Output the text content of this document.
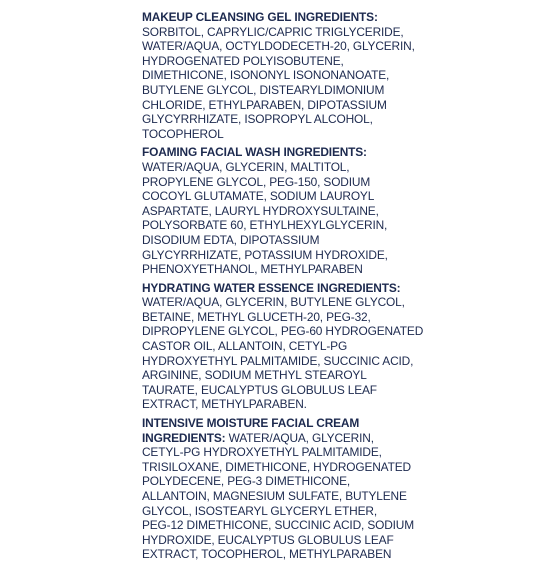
MAKEUP CLEANSING GEL INGREDIENTS:
SORBITOL, CAPRYLIC/CAPRIC TRIGLYCERIDE,
WATER/AQUA, OCTYLDODECETH-20, GLYCERIN,
HYDROGENATED POLYISOBUTENE,
DIMETHICONE, ISONONYL ISONONANOATE,
BUTYLENE GLYCOL, DISTEARYLDIMONIUM
CHLORIDE, ETHYLPARABEN, DIPOTASSIUM
GLYCYRRHIZATE, ISOPROPYL ALCOHOL,
TOCOPHEROL
FOAMING FACIAL WASH INGREDIENTS:
WATER/AQUA, GLYCERIN, MALTITOL,
PROPYLENE GLYCOL, PEG-150, SODIUM
COCOYL GLUTAMATE, SODIUM LAUROYL
ASPARTATE, LAURYL HYDROXYSULTAINE,
POLYSORBATE 60, ETHYLHEXYLGLYCERIN,
DISODIUM EDTA, DIPOTASSIUM
GLYCYRRHIZATE, POTASSIUM HYDROXIDE,
PHENOXYETHANOL, METHYLPARABEN
HYDRATING WATER ESSENCE INGREDIENTS:
WATER/AQUA, GLYCERIN, BUTYLENE GLYCOL,
BETAINE, METHYL GLUCETH-20, PEG-32,
DIPROPYLENE GLYCOL, PEG-60 HYDROGENATED
CASTOR OIL, ALLANTOIN, CETYL-PG
HYDROXYETHYL PALMITAMIDE, SUCCINIC ACID,
ARGININE, SODIUM METHYL STEAROYL
TAURATE, EUCALYPTUS GLOBULUS LEAF
EXTRACT, METHYLPARABEN.
INTENSIVE MOISTURE FACIAL CREAM
INGREDIENTS: WATER/AQUA, GLYCERIN,
CETYL-PG HYDROXYETHYL PALMITAMIDE,
TRISILOXANE, DIMETHICONE, HYDROGENATED
POLYDECENE, PEG-3 DIMETHICONE,
ALLANTOIN, MAGNESIUM SULFATE, BUTYLENE
GLYCOL, ISOSTEARYL GLYCERYL ETHER,
PEG-12 DIMETHICONE, SUCCINIC ACID, SODIUM
HYDROXIDE, EUCALYPTUS GLOBULUS LEAF
EXTRACT, TOCOPHEROL, METHYLPARABEN
